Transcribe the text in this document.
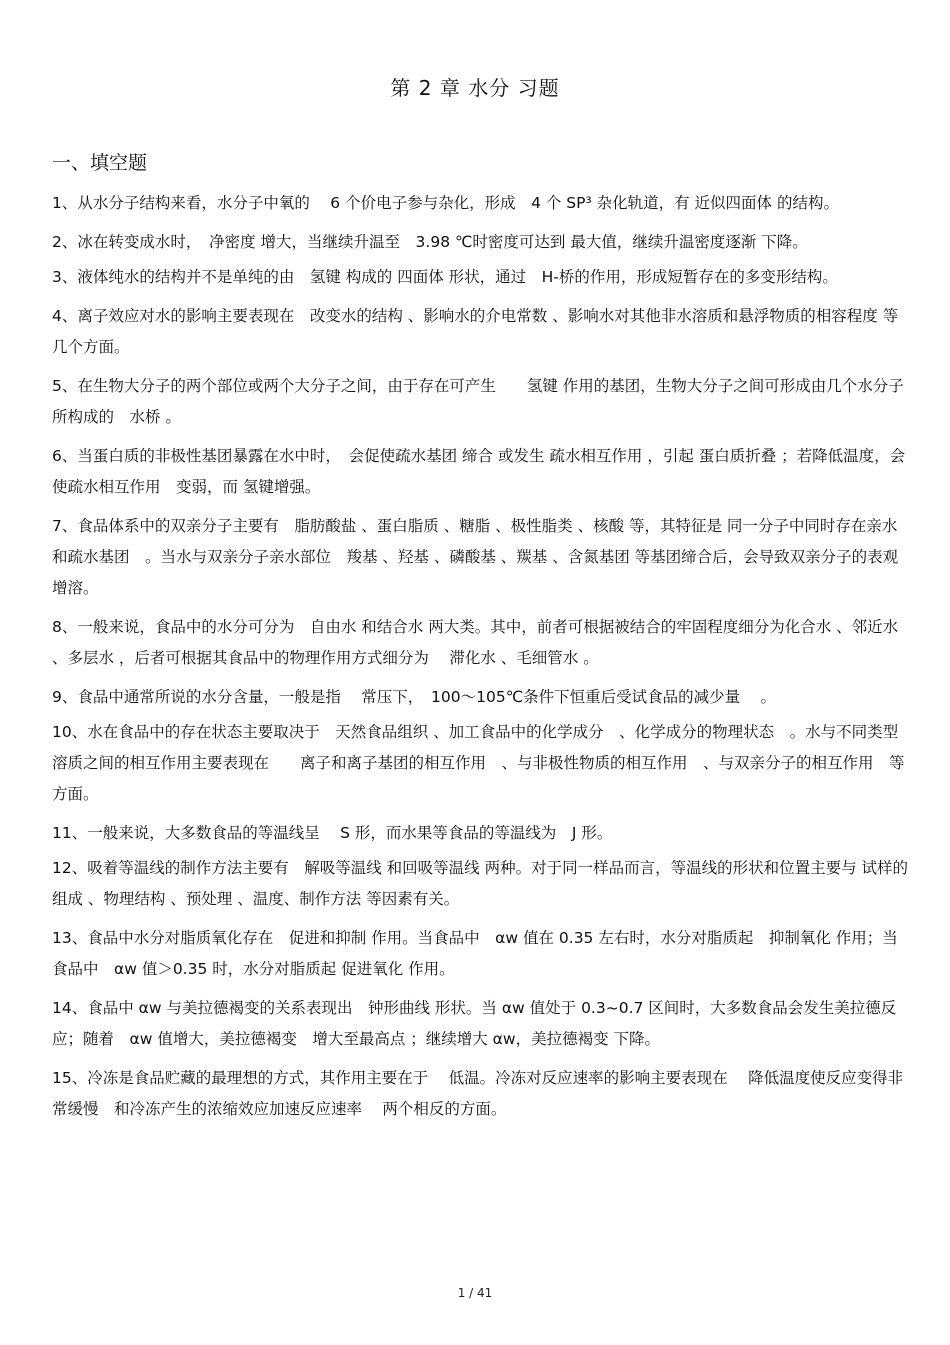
第 2 章 水分 习题
一、填空题

1、从水分子结构来看，水分子中氧的　 6 个价电子参与杂化，形成　4 个 SP³ 杂化轨道，有 近似四面体 的结构。

2、冰在转变成水时，　净密度 增大，当继续升温至　3.98 ℃时密度可达到 最大值，继续升温密度逐渐 下降。

3、液体纯水的结构并不是单纯的由　氢键 构成的 四面体 形状，通过　H-桥的作用，形成短暂存在的多变形结构。

4、离子效应对水的影响主要表现在　改变水的结构 、影响水的介电常数 、影响水对其他非水溶质和悬浮物质的相容程度 等几个方面。

5、在生物大分子的两个部位或两个大分子之间，由于存在可产生　　氢键 作用的基团，生物大分子之间可形成由几个水分子所构成的　水桥 。

6、当蛋白质的非极性基团暴露在水中时，　会促使疏水基团 缔合 或发生 疏水相互作用 ，引起 蛋白质折叠 ；若降低温度，会使疏水相互作用　变弱，而 氢键增强。

7、食品体系中的双亲分子主要有　脂肪酸盐 、蛋白脂质 、糖脂 、极性脂类 、核酸 等，其特征是 同一分子中同时存在亲水和疏水基团　。当水与双亲分子亲水部位　羧基 、羟基 、磷酸基 、羰基 、含氮基团 等基团缔合后，会导致双亲分子的表观　增溶。

8、一般来说，食品中的水分可分为　自由水 和结合水 两大类。其中，前者可根据被结合的牢固程度细分为化合水 、邻近水 、多层水 ，后者可根据其食品中的物理作用方式细分为　 滞化水 、毛细管水 。

9、食品中通常所说的水分含量，一般是指　 常压下，　100～105℃条件下恒重后受试食品的减少量　 。

10、水在食品中的存在状态主要取决于　天然食品组织 、加工食品中的化学成分　、化学成分的物理状态　。水与不同类型溶质之间的相互作用主要表现在　　离子和离子基团的相互作用　、与非极性物质的相互作用　、与双亲分子的相互作用　等方面。

11、一般来说，大多数食品的等温线呈　 S 形，而水果等食品的等温线为　J 形。

12、吸着等温线的制作方法主要有　解吸等温线 和回吸等温线 两种。对于同一样品而言，等温线的形状和位置主要与 试样的组成 、物理结构 、预处理 、温度、制作方法 等因素有关。

13、食品中水分对脂质氧化存在　促进和抑制 作用。当食品中　αw 值在 0.35 左右时，水分对脂质起　抑制氧化 作用；当食品中　αw 值＞0.35 时，水分对脂质起 促进氧化 作用。

14、食品中 αw 与美拉德褐变的关系表现出　钟形曲线 形状。当 αw 值处于 0.3~0.7 区间时，大多数食品会发生美拉德反应；随着　αw 值增大，美拉德褐变　增大至最高点 ；继续增大 αw，美拉德褐变 下降。

15、冷冻是食品贮藏的最理想的方式，其作用主要在于　 低温。冷冻对反应速率的影响主要表现在　 降低温度使反应变得非常缓慢　和冷冻产生的浓缩效应加速反应速率　 两个相反的方面。

1 / 41
